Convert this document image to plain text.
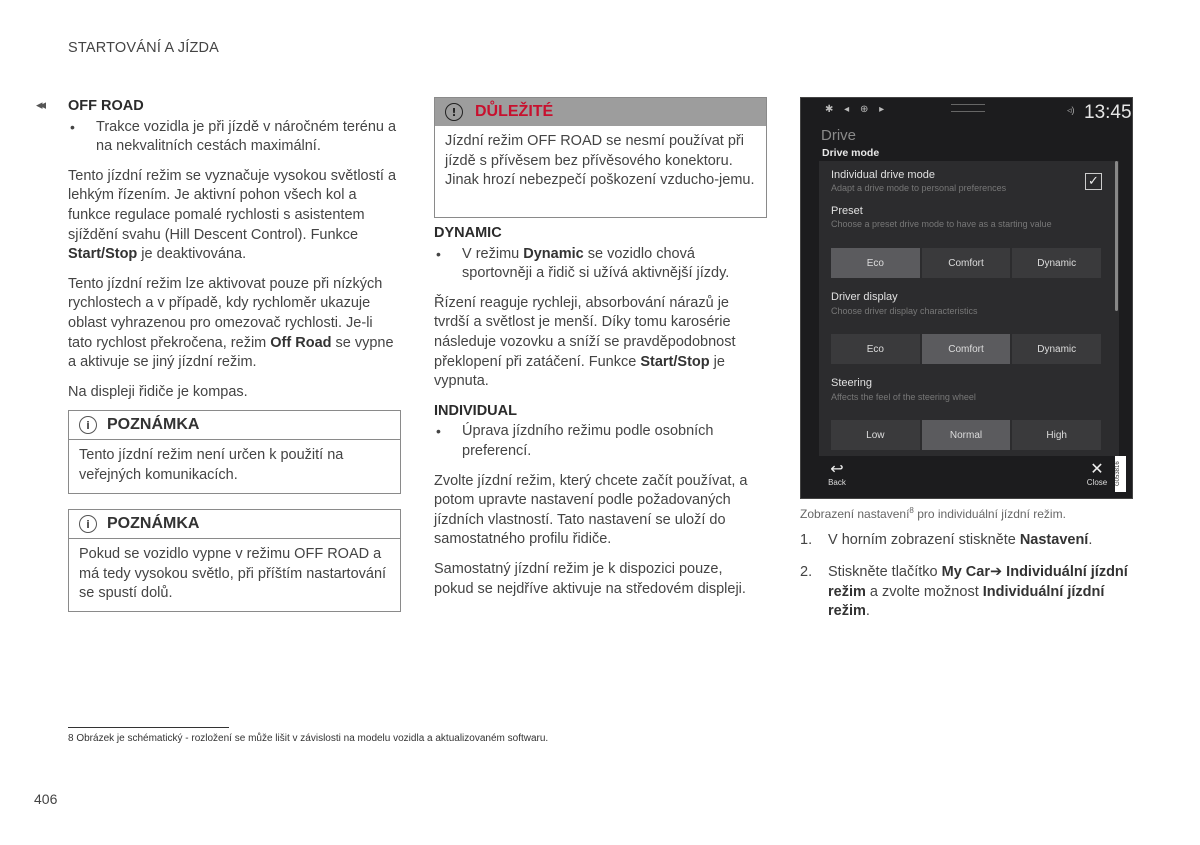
STARTOVÁNÍ A JÍZDA
◂◂ OFF ROAD

• Trakce vozidla je při jízdě v náročném terénu a na nekvalitních cestách maximální.

Tento jízdní režim se vyznačuje vysokou světlostí a lehkým řízením. Je aktivní pohon všech kol a funkce regulace pomalé rychlosti s asistentem sjíždění svahu (Hill Descent Control). Funkce Start/Stop je deaktivována.

Tento jízdní režim lze aktivovat pouze při nízkých rychlostech a v případě, kdy rychloměr ukazuje oblast vyhrazenou pro omezovač rychlosti. Je-li tato rychlost překročena, režim Off Road se vypne a aktivuje se jiný jízdní režim.

Na displeji řidiče je kompas.

i	POZNÁMKA
Tento jízdní režim není určen k použití na veřejných komunikacích.
i	POZNÁMKA
Pokud se vozidlo vypne v režimu OFF ROAD a má tedy vysokou světlo, při příštím nastartování se spustí dolů.
!	DŮLEŽITÉ
Jízdní režim OFF ROAD se nesmí používat při jízdě s přívěsem bez přívěsového konektoru. Jinak hrozí nebezpečí poškození vzducho-jemu.

DYNAMIC

• V režimu Dynamic se vozidlo chová sportovněji a řidič si užívá aktivnější jízdy.

Řízení reaguje rychleji, absorbování nárazů je tvrdší a světlost je menší. Díky tomu karosérie následuje vozovku a sníží se pravděpodobnost překlopení při zatáčení. Funkce Start/Stop je vypnuta.

INDIVIDUAL

• Úprava jízdního režimu podle osobních preferencí.

Zvolte jízdní režim, který chcete začít používat, a potom upravte nastavení podle požadovaných jízdních vlastností. Tato nastavení se uloží do samostatného profilu řidiče.

Samostatný jízdní režim je k dispozici pouze, pokud se nejdříve aktivuje na středovém displeji.

✱ ◂ ⊕ ▸	◃) 13:45
Drive
Drive mode
Individual drive mode
Adapt a drive mode to personal preferences	✓
Preset
Choose a preset drive mode to have as a starting value
Eco	Comfort	Dynamic
Driver display
Choose driver display characteristics
Eco	Comfort	Dynamic
Steering
Affects the feel of the steering wheel
Low	Normal	High
↩
Back
✕
Close	G053816
Zobrazení nastavení$^8$ pro individuální jízdní režim.
1. V horním zobrazení stiskněte Nastavení.
2. Stiskněte tlačítko My Car➔ Individuální jízdní režim a zvolte možnost Individuální jízdní režim.
8 Obrázek je schématický - rozložení se může lišit v závislosti na modelu vozidla a aktualizovaném softwaru.
406
